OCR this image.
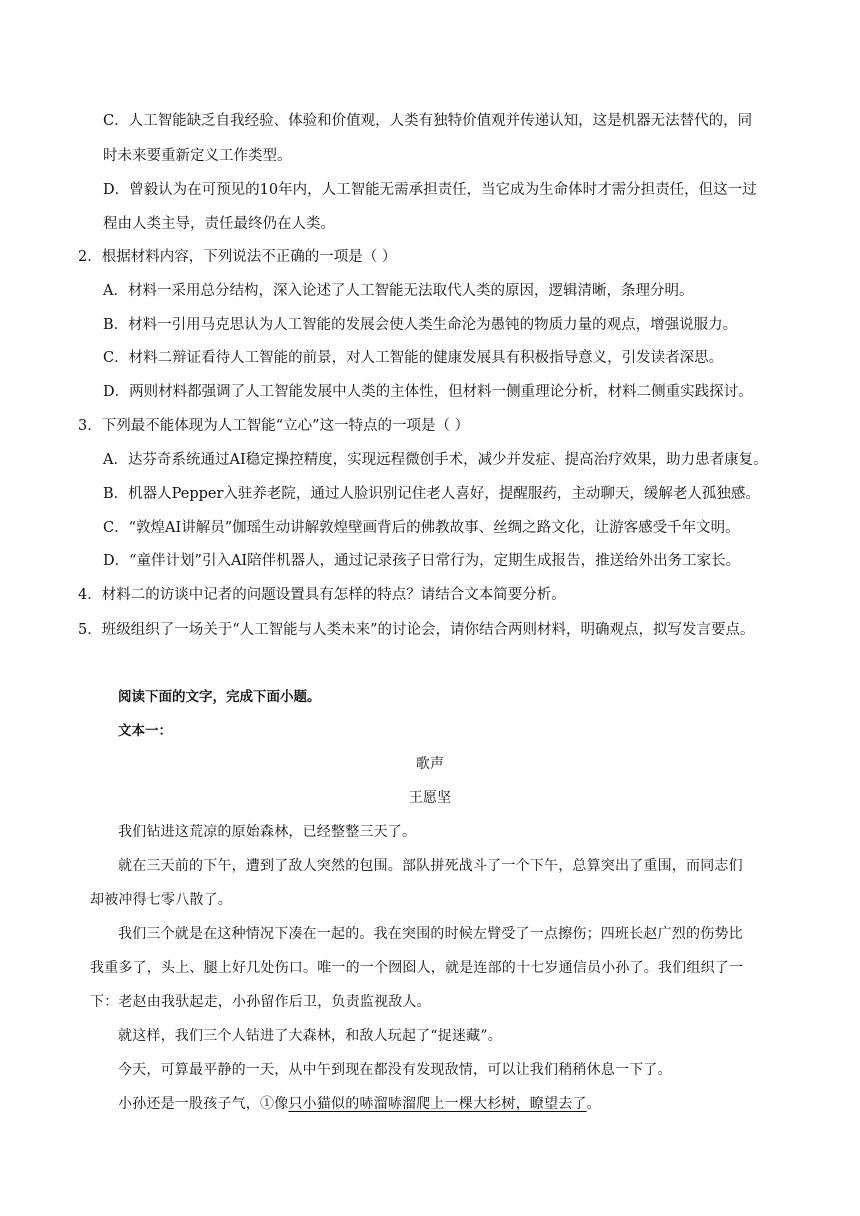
C．人工智能缺乏自我经验、体验和价值观，人类有独特价值观并传递认知，这是机器无法替代的，同
时未来要重新定义工作类型。
D．曾毅认为在可预见的10年内，人工智能无需承担责任，当它成为生命体时才需分担责任，但这一过
程由人类主导，责任最终仍在人类。
2．根据材料内容，下列说法不正确的一项是（ ）
A．材料一采用总分结构，深入论述了人工智能无法取代人类的原因，逻辑清晰，条理分明。
B．材料一引用马克思认为人工智能的发展会使人类生命沦为愚钝的物质力量的观点，增强说服力。
C．材料二辩证看待人工智能的前景，对人工智能的健康发展具有积极指导意义，引发读者深思。
D．两则材料都强调了人工智能发展中人类的主体性，但材料一侧重理论分析，材料二侧重实践探讨。
3．下列最不能体现为人工智能“立心”这一特点的一项是（ ）
A．达芬奇系统通过AI稳定操控精度，实现远程微创手术，减少并发症、提高治疗效果，助力患者康复。
B．机器人Pepper入驻养老院，通过人脸识别记住老人喜好，提醒服药，主动聊天，缓解老人孤独感。
C．“敦煌AI讲解员”伽瑶生动讲解敦煌壁画背后的佛教故事、丝绸之路文化，让游客感受千年文明。
D．“童伴计划”引入AI陪伴机器人，通过记录孩子日常行为，定期生成报告，推送给外出务工家长。
4．材料二的访谈中记者的问题设置具有怎样的特点？请结合文本简要分析。
5．班级组织了一场关于“人工智能与人类未来”的讨论会，请你结合两则材料，明确观点，拟写发言要点。
阅读下面的文字，完成下面小题。
文本一：
歌声
王愿坚
我们钻进这荒凉的原始森林，已经整整三天了。
就在三天前的下午，遭到了敌人突然的包围。部队拼死战斗了一个下午，总算突出了重围，而同志们
却被冲得七零八散了。
我们三个就是在这种情况下凑在一起的。我在突围的时候左臂受了一点擦伤；四班长赵广烈的伤势比
我重多了，头上、腿上好几处伤口。唯一的一个囫囵人，就是连部的十七岁通信员小孙了。我们组织了一
下：老赵由我驮起走，小孙留作后卫，负责监视敌人。
就这样，我们三个人钻进了大森林，和敌人玩起了“捉迷藏”。
今天，可算最平静的一天，从中午到现在都没有发现敌情，可以让我们稍稍休息一下了。
小孙还是一股孩子气，①像只小猫似的哧溜哧溜爬上一棵大杉树，瞭望去了。
